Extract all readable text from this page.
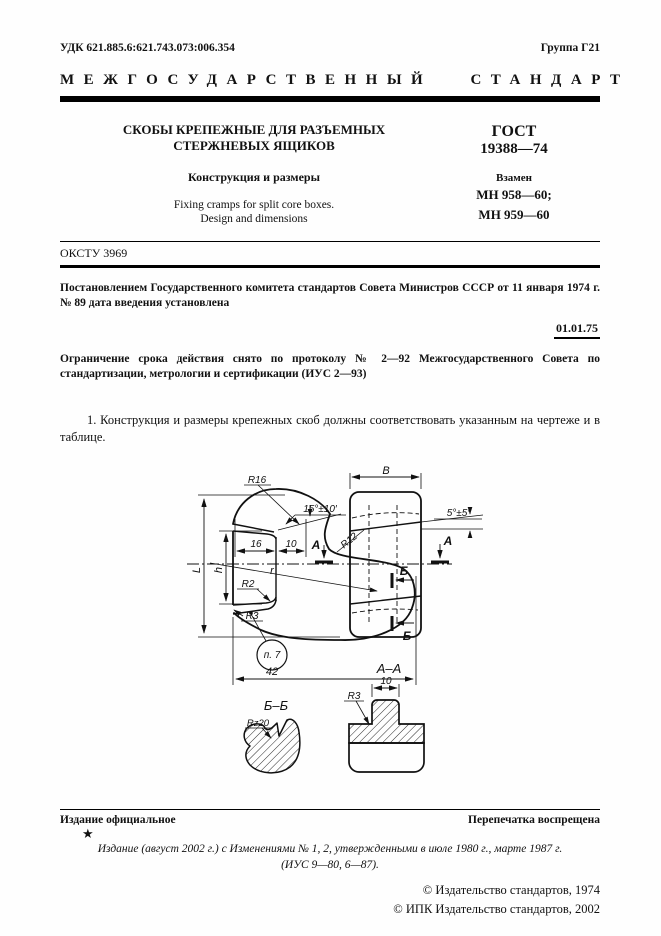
УДК 621.885.6:621.743.073:006.354	Группа Г21
МЕЖГОСУДАРСТВЕННЫЙ СТАНДАРТ
СКОБЫ КРЕПЕЖНЫЕ ДЛЯ РАЗЪЕМНЫХ
СТЕРЖНЕВЫХ ЯЩИКОВ
Конструкция и размеры
Fixing cramps for split core boxes.
Design and dimensions
ГОСТ
19388—74
Взамен
МН 958—60;
МН 959—60
ОКСТУ 3969
Постановлением Государственного комитета стандартов Совета Министров СССР от 11 января 1974 г. № 89 дата введения установлена
01.01.75
Ограничение срока действия снято по протоколу № 2—92 Межгосударственного Совета по стандартизации, метрологии и сертификации (ИУС 2—93)
1. Конструкция и размеры крепежных скоб должны соответствовать указанным на чертеже и в таблице.
R16
15°±10′
16 10	R12
А
L h	r
R2
R3
п. 7
42
В
5°±5′
А
Б
Б
А–А
10
R3
Б–Б
Rz20
Издание официальное	Перепечатка воспрещена
★
Издание (август 2002 г.) с Изменениями № 1, 2, утвержденными в июле 1980 г., марте 1987 г.
(ИУС 9—80, 6—87).
© Издательство стандартов, 1974
© ИПК Издательство стандартов, 2002
